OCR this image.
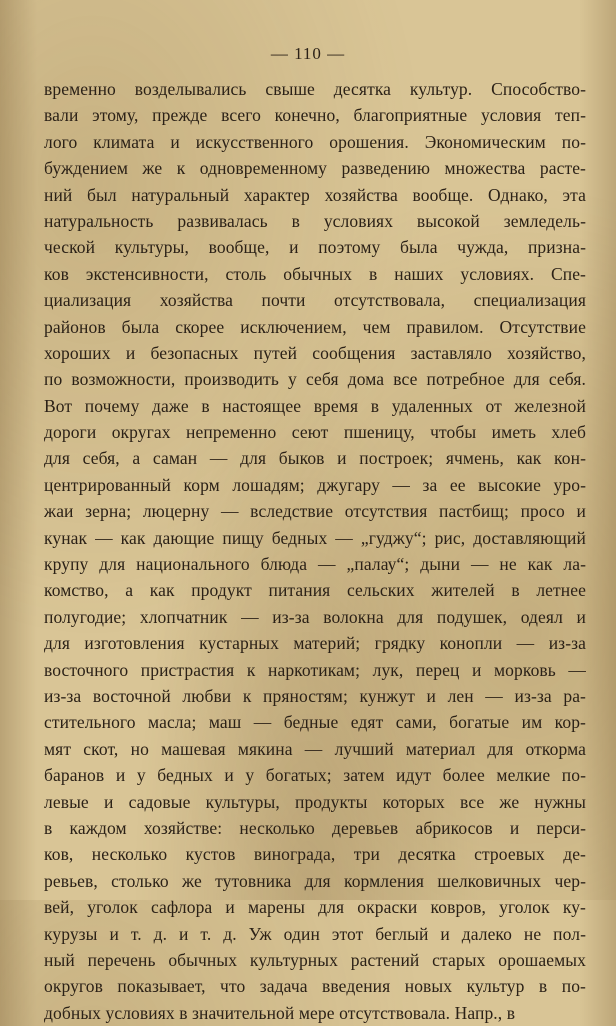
— 110 —
временно возделывались свыше десятка культур. Способство-
вали этому, прежде всего конечно, благоприятные условия теп-
лого климата и искусственного орошения. Экономическим по-
буждением же к одновременному разведению множества расте-
ний был натуральный характер хозяйства вообще. Однако, эта
натуральность развивалась в условиях высокой земледель-
ческой культуры, вообще, и поэтому была чужда, призна-
ков экстенсивности, столь обычных в наших условиях. Спе-
циализация хозяйства почти отсутствовала, специализация
районов была скорее исключением, чем правилом. Отсутствие
хороших и безопасных путей сообщения заставляло хозяйство,
по возможности, производить у себя дома все потребное для себя.
Вот почему даже в настоящее время в удаленных от железной
дороги округах непременно сеют пшеницу, чтобы иметь хлеб
для себя, а саман — для быков и построек; ячмень, как кон-
центрированный корм лошадям; джугару — за ее высокие уро-
жаи зерна; люцерну — вследствие отсутствия пастбищ; просо и
кунак — как дающие пищу бедных — „гуджу“; рис, доставляющий
крупу для национального блюда — „палау“; дыни — не как ла-
комство, а как продукт питания сельских жителей в летнее
полугодие; хлопчатник — из-за волокна для подушек, одеял и
для изготовления кустарных материй; грядку конопли — из-за
восточного пристрастия к наркотикам; лук, перец и морковь —
из-за восточной любви к пряностям; кунжут и лен — из-за ра-
стительного масла; маш — бедные едят сами, богатые им кор-
мят скот, но машевая мякина — лучший материал для откорма
баранов и у бедных и у богатых; затем идут более мелкие по-
левые и садовые культуры, продукты которых все же нужны
в каждом хозяйстве: несколько деревьев абрикосов и перси-
ков, несколько кустов винограда, три десятка строевых де-
ревьев, столько же тутовника для кормления шелковичных чер-
вей, уголок сафлора и марены для окраски ковров, уголок ку-
курузы и т. д. и т. д. Уж один этот беглый и далеко не пол-
ный перечень обычных культурных растений старых орошаемых
округов показывает, что задача введения новых культур в по-
добных условиях в значительной мере отсутствовала. Напр., в
